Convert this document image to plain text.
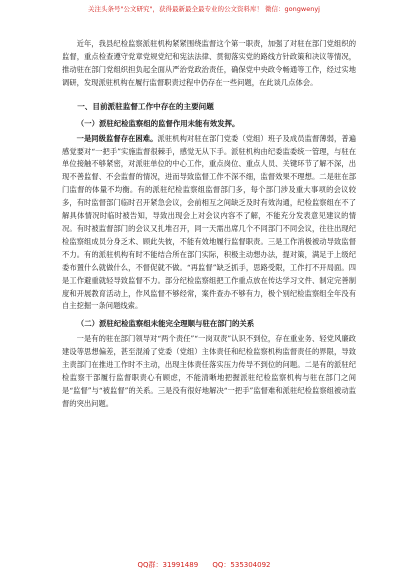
关注头条号"公文研究"，获得最新最全最专业的公文资料库！ 微信：gongwenyj

近年，我县纪检监察派驻机构紧紧围绕监督这个第一职责，加强了对驻在部门党组织的监督，重点检查遵守党章党规党纪和宪法法律、贯彻落实党的路线方针政策和决议等情况，推动驻在部门党组织担负起全面从严治党政治责任，确保党中央政令畅通等工作，经过实地调研，发现派驻机构在履行监督职责过程中仍存在一些问题，在此谈几点体会。

一、目前派驻监督工作中存在的主要问题

（一）派驻纪检监察组的监督作用未能有效发挥。

一是同级监督存在困难。派驻机构对驻在部门党委（党组）班子及成员监督薄弱，普遍感觉要对“一把手”实施监督很棘手，感觉无从下手。派驻机构由纪委监委统一管理，与驻在单位接触不够紧密，对派驻单位的中心工作，重点岗位、重点人员、关键环节了解不深，出现不善监督、不会监督的情况，进而导致监督工作不深不细，监督效果不理想。二是驻在部门监督的体量不均衡。有的派驻纪检监察组监督部门多，每个部门涉及重大事项的会议较多，有时监督部门临时召开紧急会议，会前相互之间缺乏及时有效沟通，纪检监察组在不了解具体情况时临时被告知，导致出现会上对会议内容不了解，不能充分发表意见建议的情况。有时被监督部门的会议又扎堆召开，同一天需出席几个不同部门不同会议，往往出现纪检监察组成员分身乏术、顾此失彼，不能有效地履行监督职责。三是工作消极被动导致监督不力。有的派驻机构有时不能结合所在部门实际，积极主动想办法，提对策，满足于上级纪委布置什么就做什么，不督促就不做。“再监督”缺乏抓手，思路受限，工作打不开局面。四是工作避重就轻导致监督不力。部分纪检监察组把工作重点放在传达学习文件、制定完善制度和开展教育活动上，作风监督不够经常，案件查办不够有力，极个别纪检监察组全年没有自主挖掘一条问题线索。

（二）派驻纪检监察组未能完全理顺与驻在部门的关系

一是有的驻在部门领导对“两个责任”“一岗双责”认识不到位，存在重业务、轻党风廉政建设等思想偏差，甚至混淆了党委（党组）主体责任和纪检监察机构监督责任的界限，导致主责部门在推进工作时不主动，出现主体责任落实压力传导不到位的问题。二是有的派驻纪检监察干部履行监督职责心有顾虑，不能清晰地把握派驻纪检监察机构与驻在部门之间是“监督”与“被监督”的关系。三是没有很好地解决“一把手”监督难和派驻纪检监察组被动监督的突出问题。

QQ群：31991489 QQ：535304092
